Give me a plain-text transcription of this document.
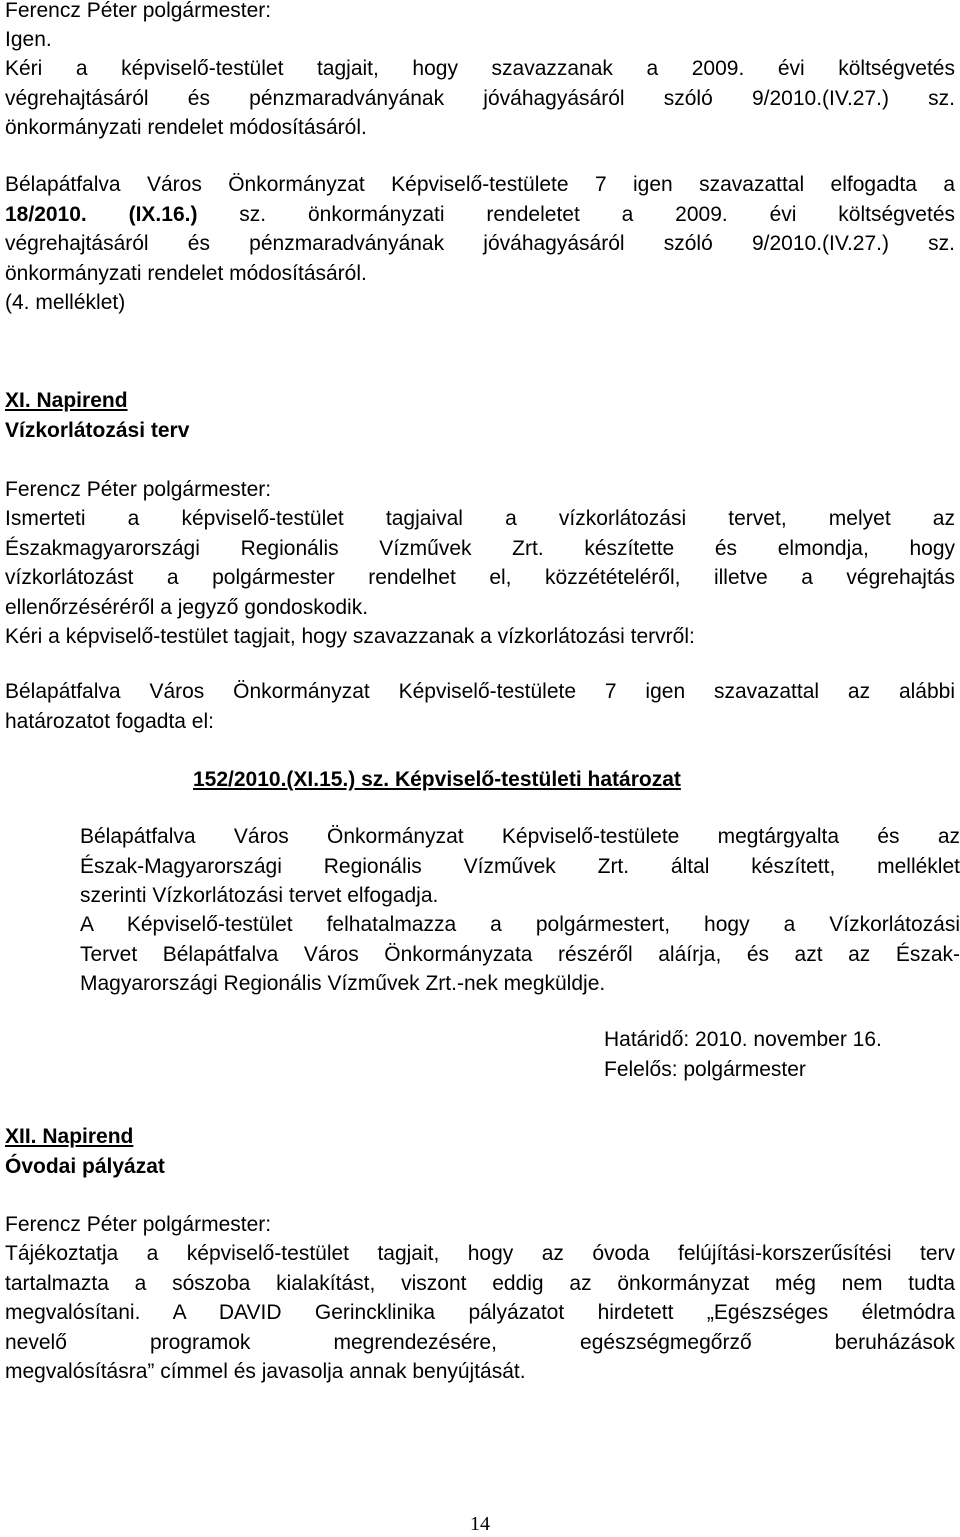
Ferencz Péter polgármester:
Igen.
Kéri a képviselő-testület tagjait, hogy szavazzanak a 2009. évi költségvetés
végrehajtásáról és pénzmaradványának jóváhagyásáról szóló 9/2010.(IV.27.) sz.
önkormányzati rendelet módosításáról.
Bélapátfalva Város Önkormányzat Képviselő-testülete 7 igen szavazattal elfogadta a
18/2010. (IX.16.) sz. önkormányzati rendeletet a 2009. évi költségvetés
végrehajtásáról és pénzmaradványának jóváhagyásáról szóló 9/2010.(IV.27.) sz.
önkormányzati rendelet módosításáról.
(4. melléklet)
XI. Napirend
Vízkorlátozási terv
Ferencz Péter polgármester:
Ismerteti a képviselő-testület tagjaival a vízkorlátozási tervet, melyet az
Északmagyarországi Regionális Vízművek Zrt. készítette és elmondja, hogy
vízkorlátozást a polgármester rendelhet el, közzétételéről, illetve a végrehajtás
ellenőrzéséréről a jegyző gondoskodik.
Kéri a képviselő-testület tagjait, hogy szavazzanak a vízkorlátozási tervről:
Bélapátfalva Város Önkormányzat Képviselő-testülete 7 igen szavazattal az alábbi
határozatot fogadta el:
152/2010.(XI.15.) sz. Képviselő-testületi határozat
Bélapátfalva Város Önkormányzat Képviselő-testülete megtárgyalta és az
Észak-Magyarországi Regionális Vízművek Zrt. által készített, melléklet
szerinti Vízkorlátozási tervet elfogadja.
A Képviselő-testület felhatalmazza a polgármestert, hogy a Vízkorlátozási
Tervet Bélapátfalva Város Önkormányzata részéről aláírja, és azt az Észak-
Magyarországi Regionális Vízművek Zrt.-nek megküldje.
Határidő: 2010. november 16.
Felelős: polgármester
XII. Napirend
Óvodai pályázat
Ferencz Péter polgármester:
Tájékoztatja a képviselő-testület tagjait, hogy az óvoda felújítási-korszerűsítési terv
tartalmazta a sószoba kialakítást, viszont eddig az önkormányzat még nem tudta
megvalósítani. A DAVID Gerincklinika pályázatot hirdetett „Egészséges életmódra
nevelő programok megrendezésére, egészségmegőrző beruházások
megvalósításra” címmel és javasolja annak benyújtását.
14
